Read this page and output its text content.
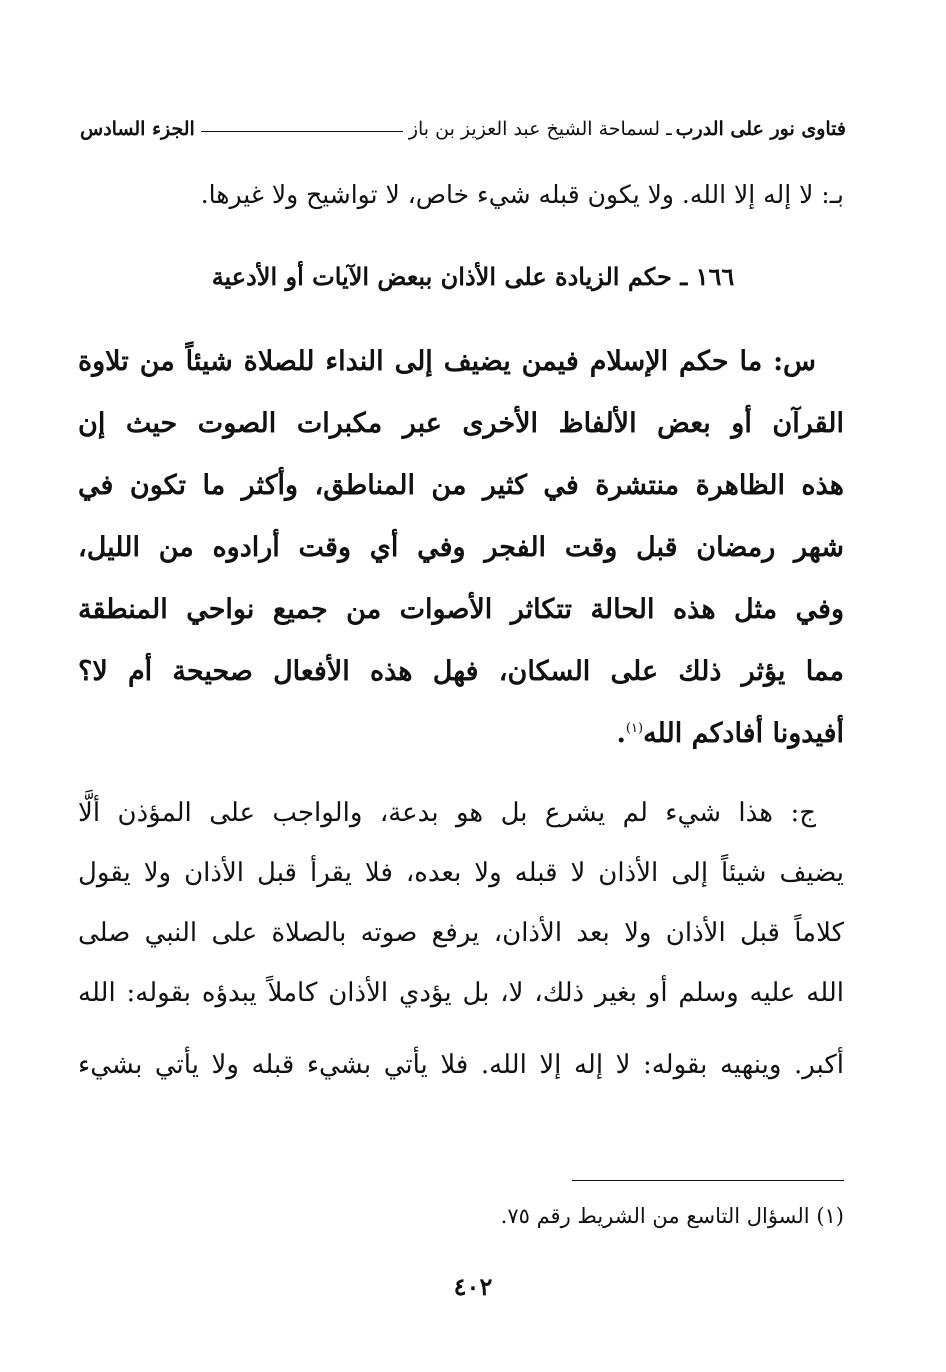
فتاوى نور على الدرب
ـ لسماحة الشيخ عبد العزيز بن باز
الجزء السادس
بـ: لا إله إلا الله. ولا يكون قبله شيء خاص، لا تواشيح ولا غيرها.
١٦٦ ـ حكم الزيادة على الأذان ببعض الآيات أو الأدعية
س: ما حكم الإسلام فيمن يضيف إلى النداء للصلاة شيئاً من تلاوة
القرآن أو بعض الألفاظ الأخرى عبر مكبرات الصوت حيث إن
هذه الظاهرة منتشرة في كثير من المناطق، وأكثر ما تكون في
شهر رمضان قبل وقت الفجر وفي أي وقت أرادوه من الليل،
وفي مثل هذه الحالة تتكاثر الأصوات من جميع نواحي المنطقة
مما يؤثر ذلك على السكان، فهل هذه الأفعال صحيحة أم لا؟
أفيدونا أفادكم الله$^{(١)}$.
ج: هذا شيء لم يشرع بل هو بدعة، والواجب على المؤذن ألَّا
يضيف شيئاً إلى الأذان لا قبله ولا بعده، فلا يقرأ قبل الأذان ولا يقول
كلاماً قبل الأذان ولا بعد الأذان، يرفع صوته بالصلاة على النبي صلى
الله عليه وسلم أو بغير ذلك، لا، بل يؤدي الأذان كاملاً يبدؤه بقوله: الله
أكبر. وينهيه بقوله: لا إله إلا الله. فلا يأتي بشيء قبله ولا يأتي بشيء
(١) السؤال التاسع من الشريط رقم ٧٥.
٤٠٢
